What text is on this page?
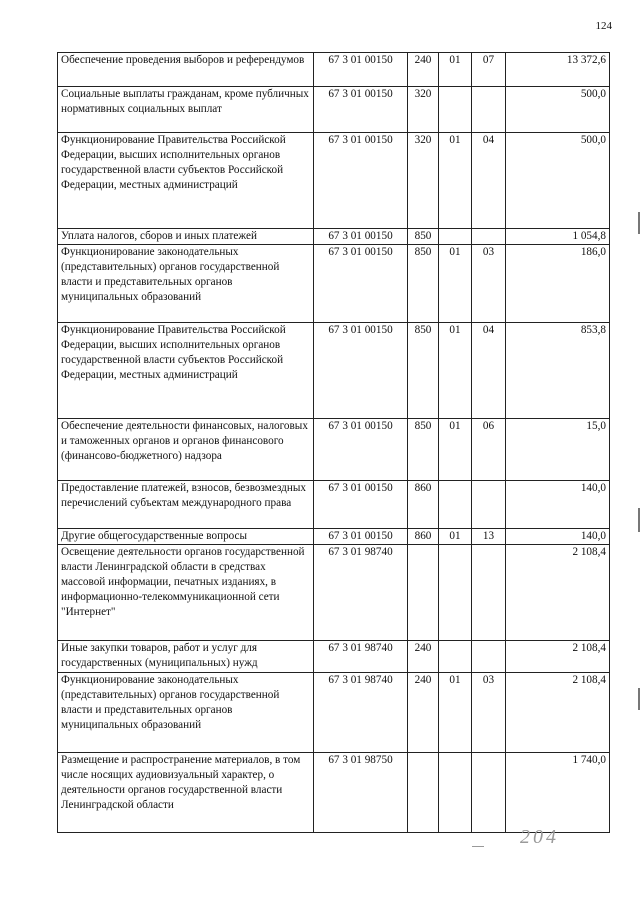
124
Обеспечение проведения выборов и референдумов	67 3 01 00150	240	01	07	13 372,6
Социальные выплаты гражданам, кроме публичных нормативных социальных выплат	67 3 01 00150	320			500,0
Функционирование Правительства Российской Федерации, высших исполнительных органов государственной власти субъектов Российской Федерации, местных администраций	67 3 01 00150	320	01	04	500,0
Уплата налогов, сборов и иных платежей	67 3 01 00150	850			1 054,8
Функционирование законодательных (представительных) органов государственной власти и представительных органов муниципальных образований	67 3 01 00150	850	01	03	186,0
Функционирование Правительства Российской Федерации, высших исполнительных органов государственной власти субъектов Российской Федерации, местных администраций	67 3 01 00150	850	01	04	853,8
Обеспечение деятельности финансовых, налоговых и таможенных органов и органов финансового (финансово-бюджетного) надзора	67 3 01 00150	850	01	06	15,0
Предоставление платежей, взносов, безвозмездных перечислений субъектам международного права	67 3 01 00150	860			140,0
Другие общегосударственные вопросы	67 3 01 00150	860	01	13	140,0
Освещение деятельности органов государственной власти Ленинградской области в средствах массовой информации, печатных изданиях, в информационно-телекоммуникационной сети "Интернет"	67 3 01 98740				2 108,4
Иные закупки товаров, работ и услуг для государственных (муниципальных) нужд	67 3 01 98740	240			2 108,4
Функционирование законодательных (представительных) органов государственной власти и представительных органов муниципальных образований	67 3 01 98740	240	01	03	2 108,4
Размещение и распространение материалов, в том числе носящих аудиовизуальный характер, о деятельности органов государственной власти Ленинградской области	67 3 01 98750				1 740,0
204
